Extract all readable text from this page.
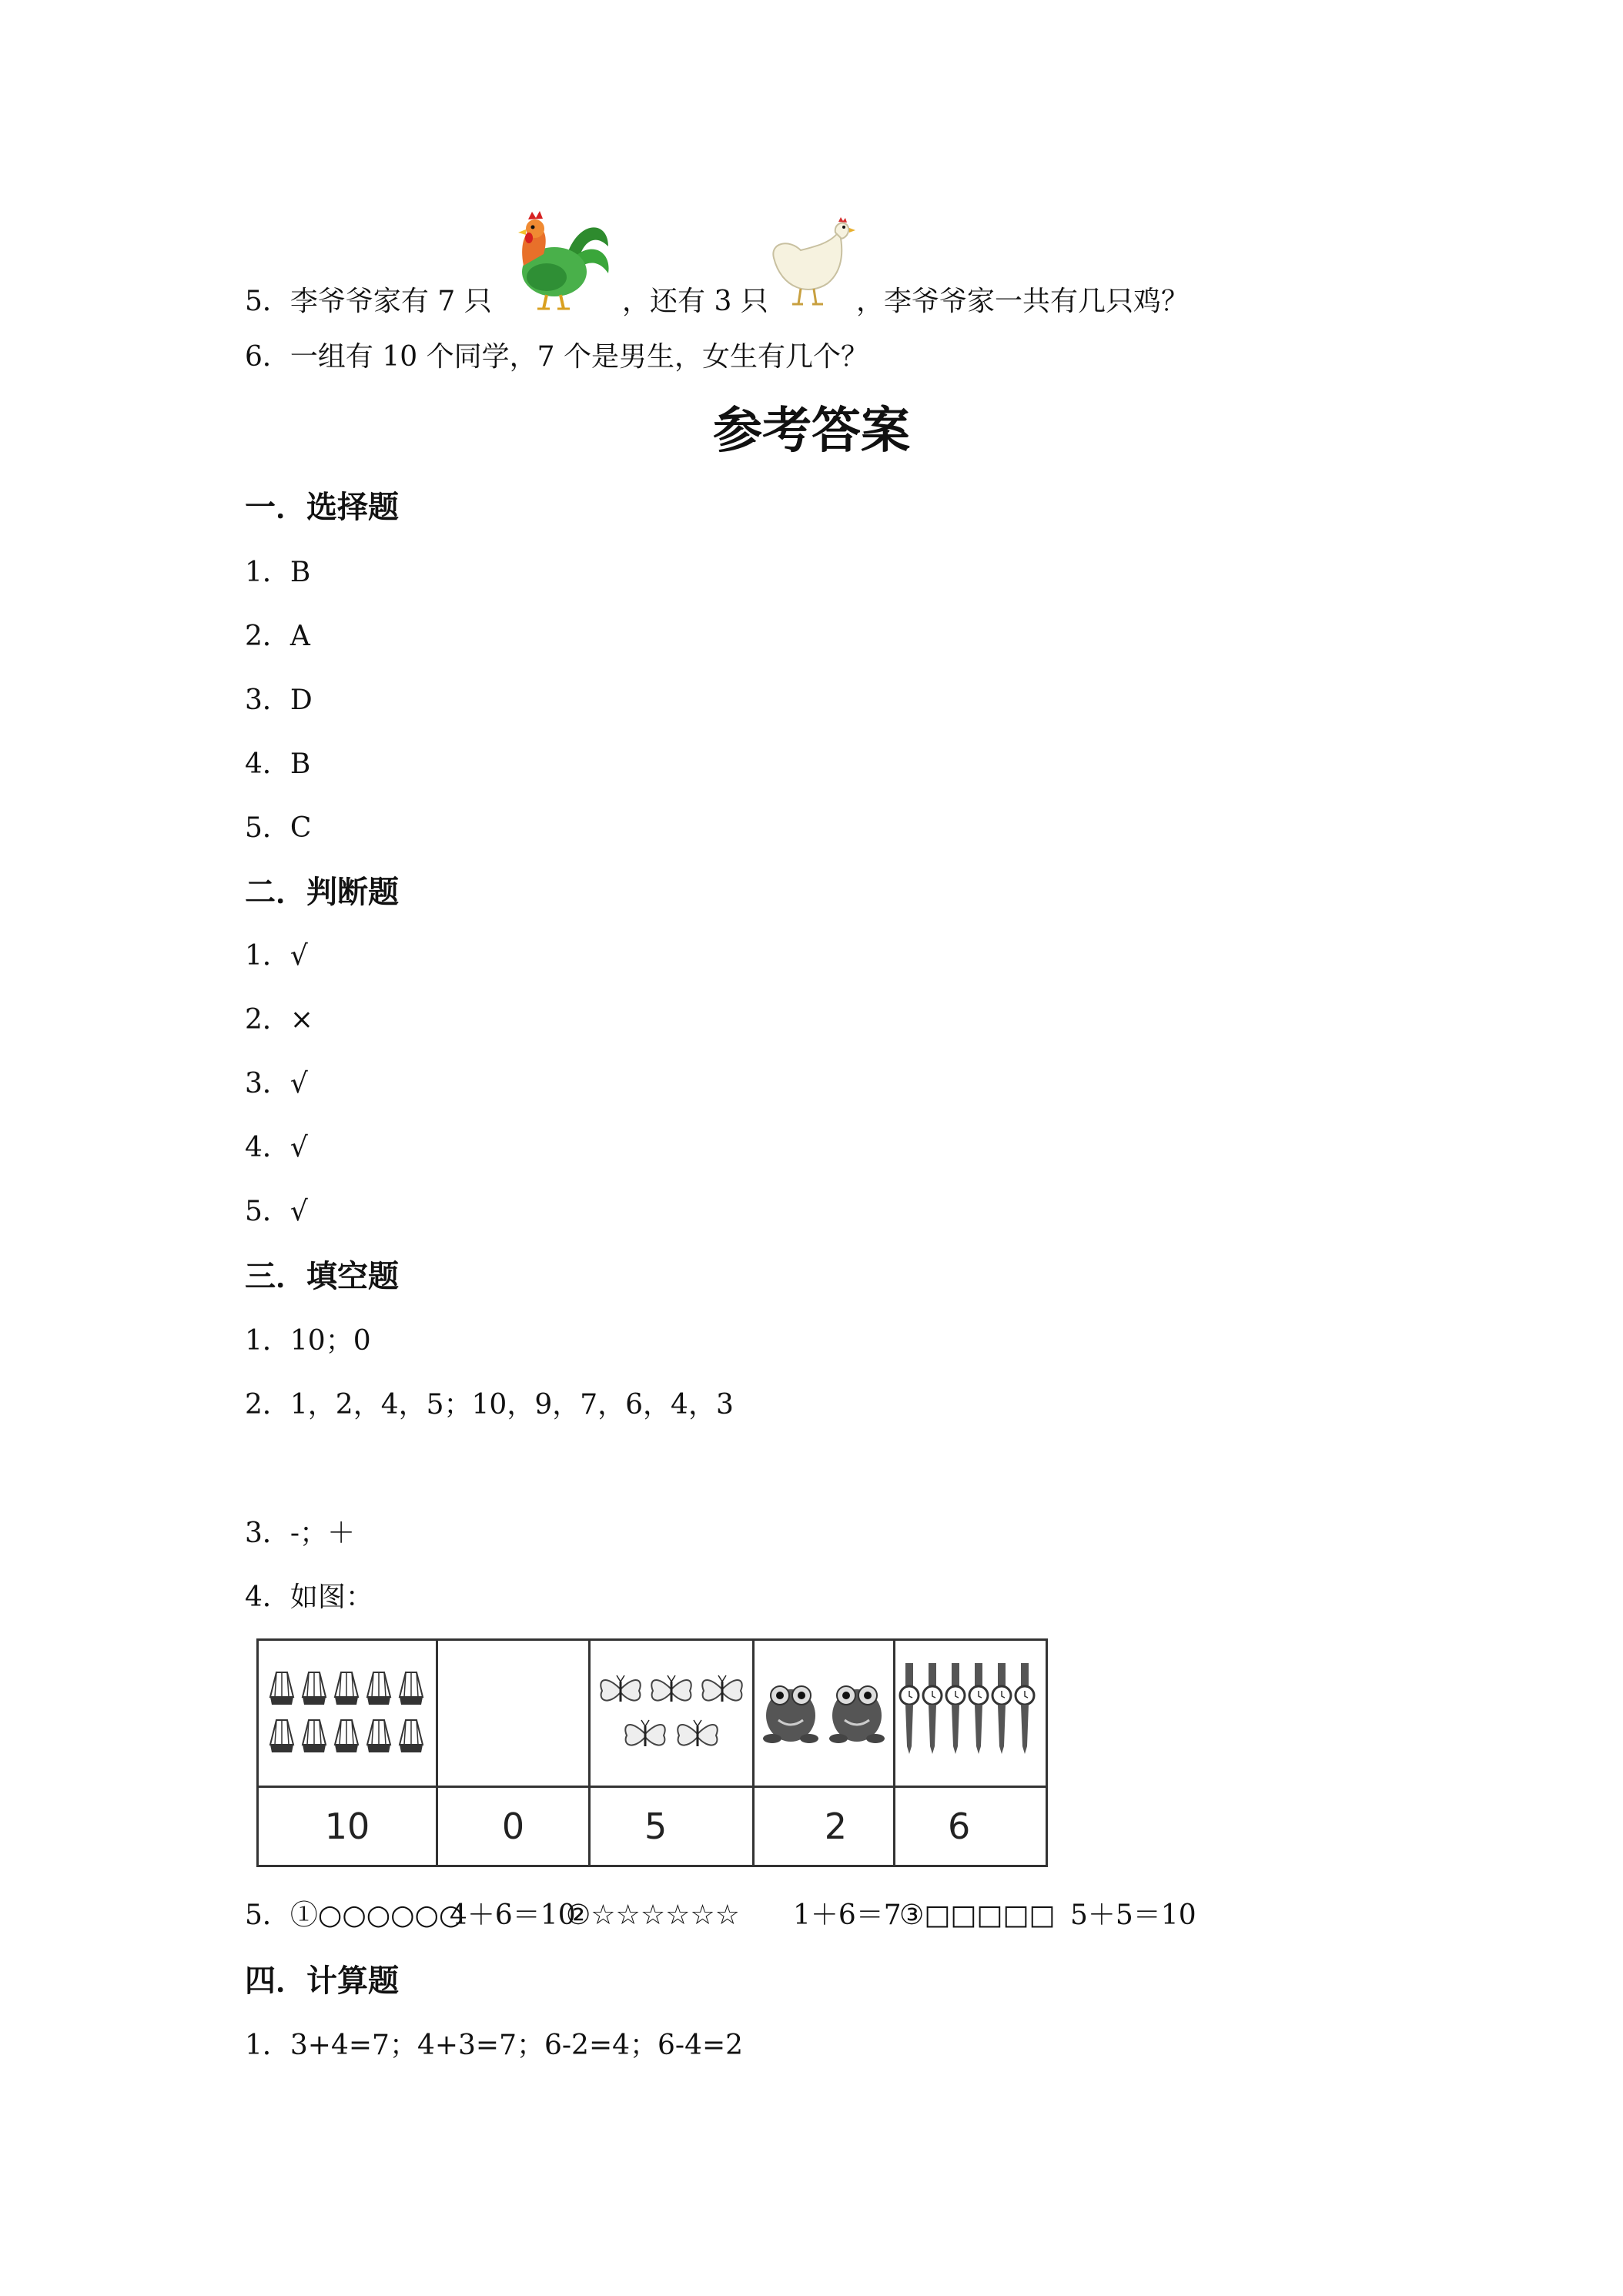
5．李爷爷家有 7 只	，还有 3 只	，李爷爷家一共有几只鸡？
6．一组有 10 个同学，7 个是男生，女生有几个？
参考答案
一．选择题
1．B
2．A
3．D
4．B
5．C
二．判断题
1．√
2．×
3．√
4．√
5．√
三．填空题
1．10；0
2．1，2，4，5；10，9，7，6，4，3
3．-；＋
4．如图：

10	0	5	2	6
5．①○○○○○○
4＋6＝10
②☆☆☆☆☆☆ 1＋6＝7
③□□□□□ 5＋5＝10
四．计算题
1．3+4=7；4+3=7；6-2=4；6-4=2
